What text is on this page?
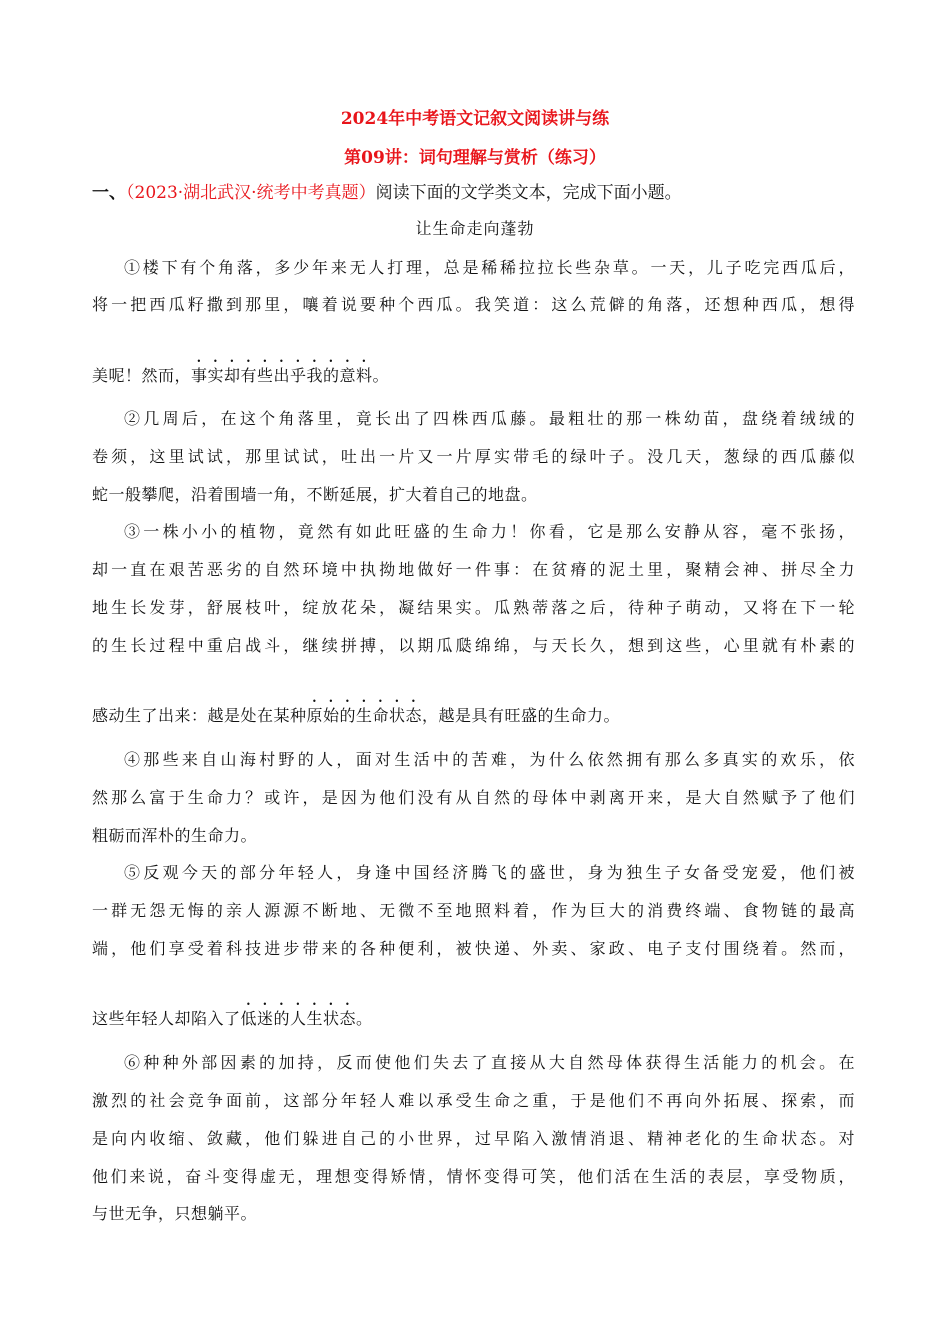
2024年中考语文记叙文阅读讲与练
第09讲：词句理解与赏析（练习）
一、（2023·湖北武汉·统考中考真题）阅读下面的文学类文本，完成下面小题。
让生命走向蓬勃
①楼下有个角落，多少年来无人打理，总是稀稀拉拉长些杂草。一天，儿子吃完西瓜后，
将一把西瓜籽撒到那里，嚷着说要种个西瓜。我笑道：这么荒僻的角落，还想种西瓜，想得
美呢！然而，事实却有些出乎我的意料。
②几周后，在这个角落里，竟长出了四株西瓜藤。最粗壮的那一株幼苗，盘绕着绒绒的
卷须，这里试试，那里试试，吐出一片又一片厚实带毛的绿叶子。没几天，葱绿的西瓜藤似
蛇一般攀爬，沿着围墙一角，不断延展，扩大着自己的地盘。
③一株小小的植物，竟然有如此旺盛的生命力！你看，它是那么安静从容，毫不张扬，
却一直在艰苦恶劣的自然环境中执拗地做好一件事：在贫瘠的泥土里，聚精会神、拼尽全力
地生长发芽，舒展枝叶，绽放花朵，凝结果实。瓜熟蒂落之后，待种子萌动，又将在下一轮
的生长过程中重启战斗，继续拼搏，以期瓜瓞绵绵，与天长久，想到这些，心里就有朴素的
感动生了出来：越是处在某种原始的生命状态，越是具有旺盛的生命力。
④那些来自山海村野的人，面对生活中的苦难，为什么依然拥有那么多真实的欢乐，依
然那么富于生命力？或许，是因为他们没有从自然的母体中剥离开来，是大自然赋予了他们
粗砺而浑朴的生命力。
⑤反观今天的部分年轻人，身逢中国经济腾飞的盛世，身为独生子女备受宠爱，他们被
一群无怨无悔的亲人源源不断地、无微不至地照料着，作为巨大的消费终端、食物链的最高
端，他们享受着科技进步带来的各种便利，被快递、外卖、家政、电子支付围绕着。然而，
这些年轻人却陷入了低迷的人生状态。
⑥种种外部因素的加持，反而使他们失去了直接从大自然母体获得生活能力的机会。在
激烈的社会竞争面前，这部分年轻人难以承受生命之重，于是他们不再向外拓展、探索，而
是向内收缩、敛藏，他们躲进自己的小世界，过早陷入激情消退、精神老化的生命状态。对
他们来说，奋斗变得虚无，理想变得矫情，情怀变得可笑，他们活在生活的表层，享受物质，
与世无争，只想躺平。
